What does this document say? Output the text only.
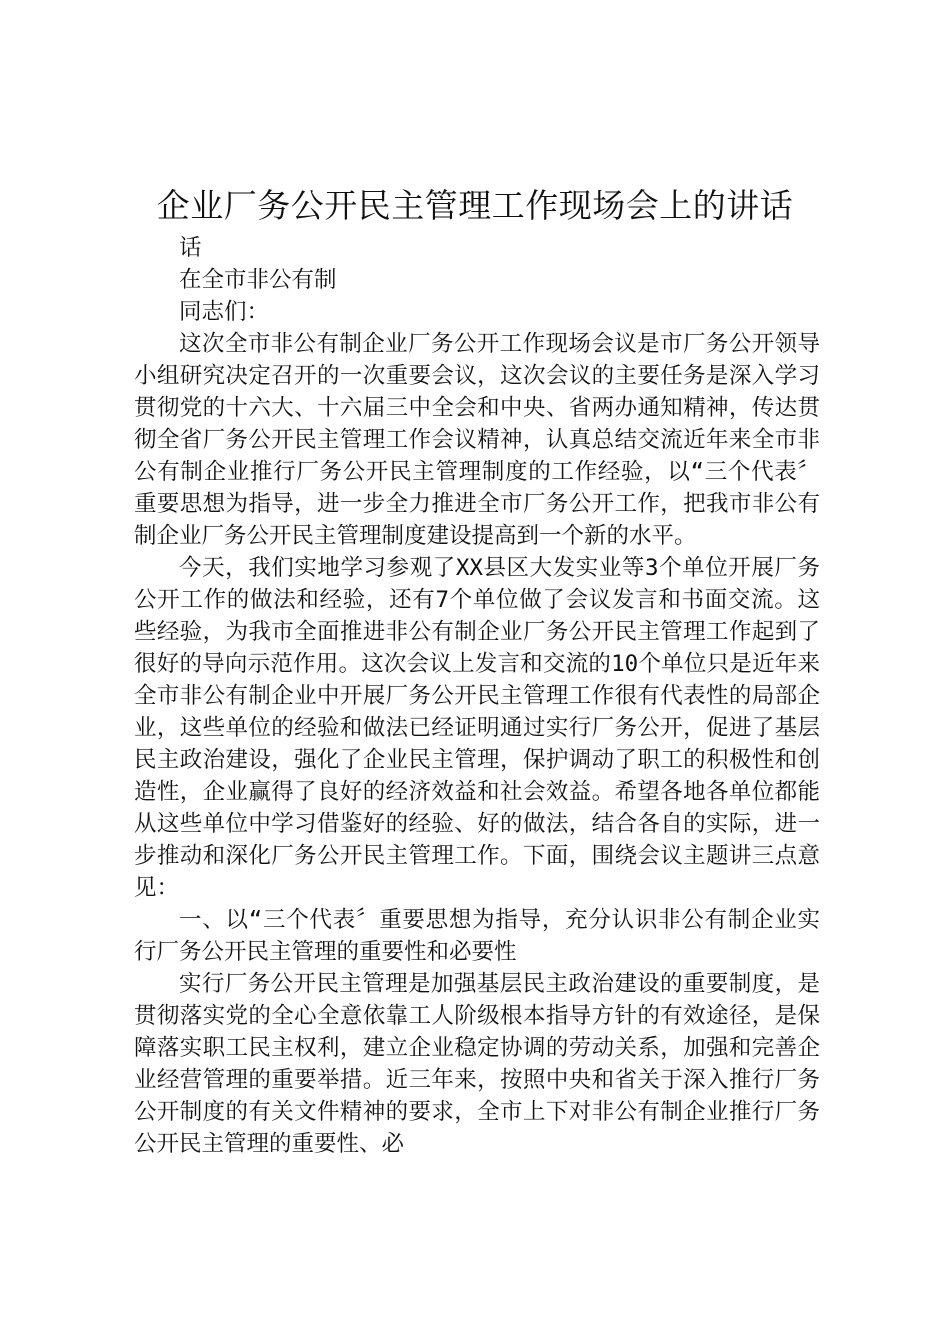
企业厂务公开民主管理工作现场会上的讲话

话

在全市非公有制

同志们：

这次全市非公有制企业厂务公开工作现场会议是市厂务公开领导小组研究决定召开的一次重要会议，这次会议的主要任务是深入学习贯彻党的十六大、十六届三中全会和中央、省两办通知精神，传达贯彻全省厂务公开民主管理工作会议精神，认真总结交流近年来全市非公有制企业推行厂务公开民主管理制度的工作经验，以“三个代表〞重要思想为指导，进一步全力推进全市厂务公开工作，把我市非公有制企业厂务公开民主管理制度建设提高到一个新的水平。

今天，我们实地学习参观了XX县区大发实业等3个单位开展厂务公开工作的做法和经验，还有7个单位做了会议发言和书面交流。这些经验，为我市全面推进非公有制企业厂务公开民主管理工作起到了很好的导向示范作用。这次会议上发言和交流的10个单位只是近年来全市非公有制企业中开展厂务公开民主管理工作很有代表性的局部企业，这些单位的经验和做法已经证明通过实行厂务公开，促进了基层民主政治建设，强化了企业民主管理，保护调动了职工的积极性和创造性，企业赢得了良好的经济效益和社会效益。希望各地各单位都能从这些单位中学习借鉴好的经验、好的做法，结合各自的实际，进一步推动和深化厂务公开民主管理工作。下面，围绕会议主题讲三点意见：

一、以“三个代表〞重要思想为指导，充分认识非公有制企业实行厂务公开民主管理的重要性和必要性

实行厂务公开民主管理是加强基层民主政治建设的重要制度，是贯彻落实党的全心全意依靠工人阶级根本指导方针的有效途径，是保障落实职工民主权利，建立企业稳定协调的劳动关系，加强和完善企业经营管理的重要举措。近三年来，按照中央和省关于深入推行厂务公开制度的有关文件精神的要求，全市上下对非公有制企业推行厂务公开民主管理的重要性、必
